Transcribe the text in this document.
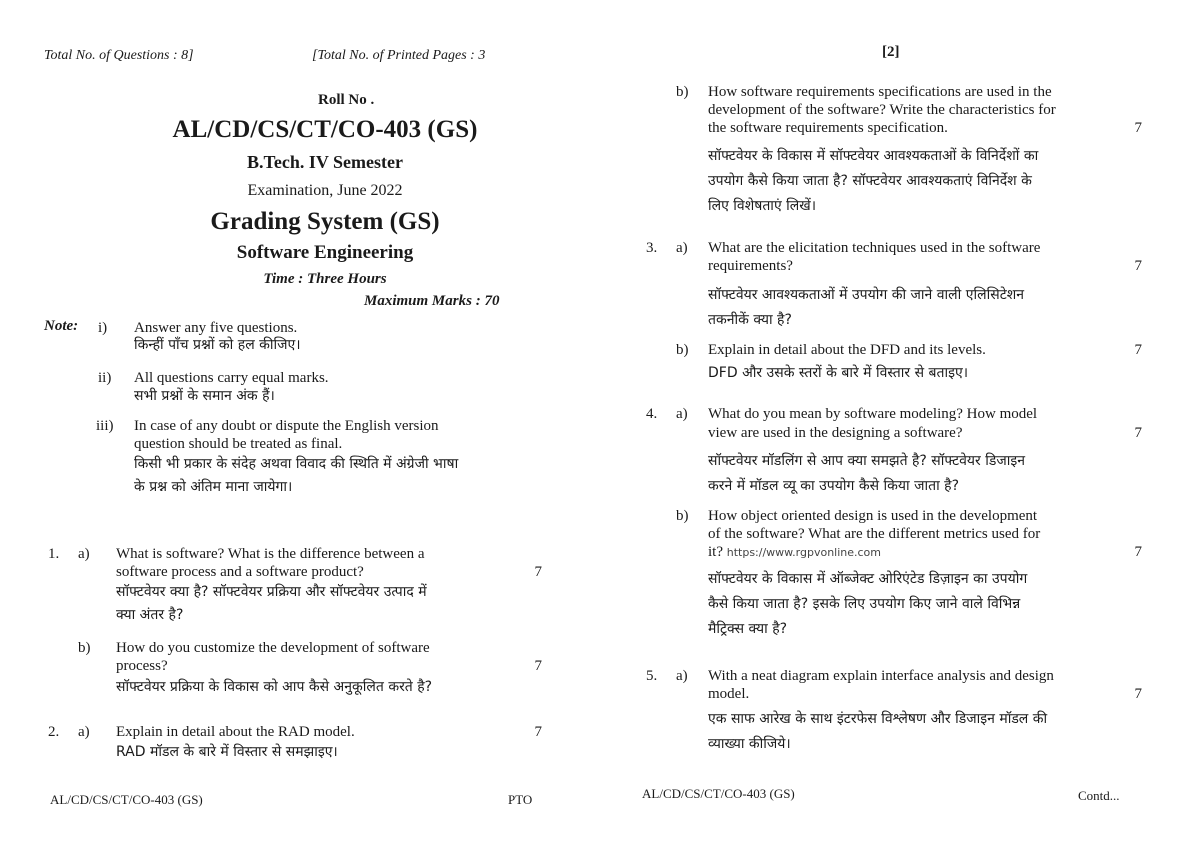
Total No. of Questions : 8]	[Total No. of Printed Pages : 3
Roll No .
AL/CD/CS/CT/CO-403 (GS)
B.Tech. IV Semester
Examination, June 2022
Grading System (GS)
Software Engineering
Time : Three Hours
Maximum Marks : 70
Note: i) Answer any five questions.
किन्हीं पाँच प्रश्नों को हल कीजिए।
ii) All questions carry equal marks.
सभी प्रश्नों के समान अंक हैं।
iii) In case of any doubt or dispute the English version
question should be treated as final.
किसी भी प्रकार के संदेह अथवा विवाद की स्थिति में अंग्रेजी भाषा
के प्रश्न को अंतिम माना जायेगा।
1. a) What is software? What is the difference between a
software process and a software product?	7
सॉफ्टवेयर क्या है? सॉफ्टवेयर प्रक्रिया और सॉफ्टवेयर उत्पाद में
क्या अंतर है?
b) How do you customize the development of software
process?	7
सॉफ्टवेयर प्रक्रिया के विकास को आप कैसे अनुकूलित करते है?
2. a) Explain in detail about the RAD model.	7
RAD मॉडल के बारे में विस्तार से समझाइए।
AL/CD/CS/CT/CO-403 (GS)	PTO
[2]
b) How software requirements specifications are used in the
development of the software? Write the characteristics for
the software requirements specification.	7
सॉफ्टवेयर के विकास में सॉफ्टवेयर आवश्यकताओं के विनिर्देशों का
उपयोग कैसे किया जाता है? सॉफ्टवेयर आवश्यकताएं विनिर्देश के
लिए विशेषताएं लिखें।
3. a) What are the elicitation techniques used in the software
requirements?	7
सॉफ्टवेयर आवश्यकताओं में उपयोग की जाने वाली एलिसिटेशन
तकनीकें क्या है?
b) Explain in detail about the DFD and its levels.	7
DFD और उसके स्तरों के बारे में विस्तार से बताइए।
4. a) What do you mean by software modeling? How model
view are used in the designing a software?	7
सॉफ्टवेयर मॉडलिंग से आप क्या समझते है? सॉफ्टवेयर डिजाइन
करने में मॉडल व्यू का उपयोग कैसे किया जाता है?
b) How object oriented design is used in the development
of the software? What are the different metrics used for
it? https://www.rgpvonline.com	7
सॉफ्टवेयर के विकास में ऑब्जेक्ट ओरिएंटेड डिज़ाइन का उपयोग
कैसे किया जाता है? इसके लिए उपयोग किए जाने वाले विभिन्न
मैट्रिक्स क्या है?
5. a) With a neat diagram explain interface analysis and design
model.	7
एक साफ आरेख के साथ इंटरफेस विश्लेषण और डिजाइन मॉडल की
व्याख्या कीजिये।
AL/CD/CS/CT/CO-403 (GS)	Contd...
